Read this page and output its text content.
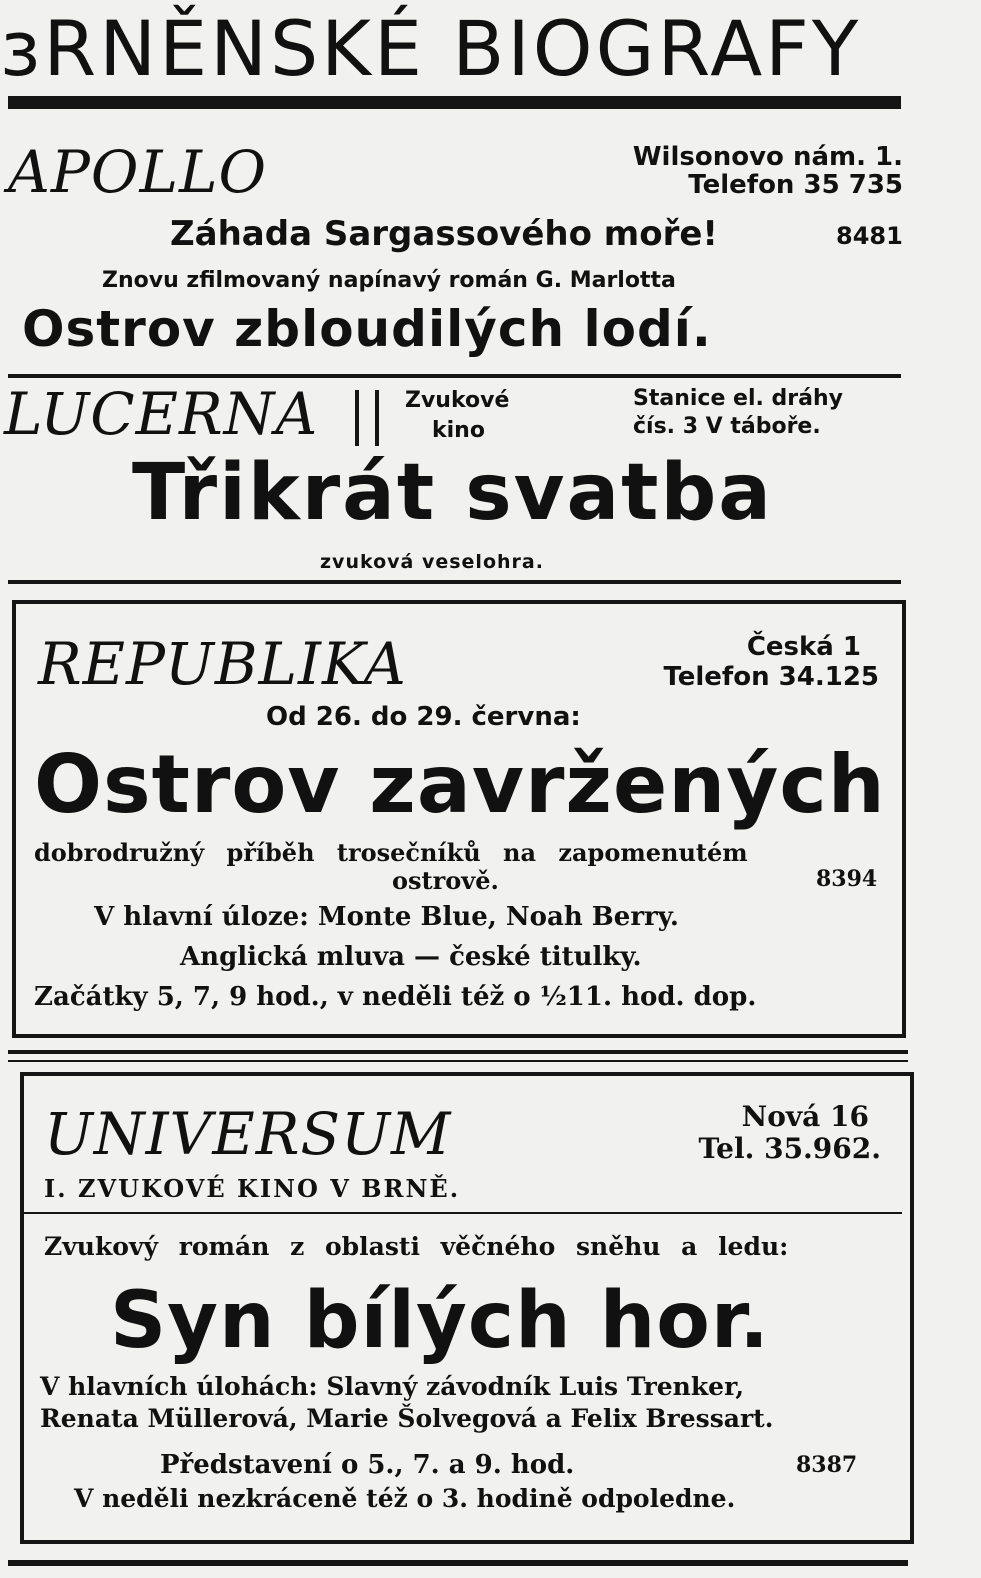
ɜRNĚNSKÉ BIOGRAFY
APOLLO	Wilsonovo nám. 1.
Telefon 35 735
Záhada Sargassového moře!	8481
Znovu zfilmovaný napínavý román G. Marlotta
Ostrov zbloudilých lodí.
LUCERNA	Zvukové
kino
Stanice el. dráhy
čís. 3 V táboře.
Třikrát svatba
zvuková veselohra.
REPUBLIKA	Česká 1
Telefon 34.125
Od 26. do 29. června:
Ostrov zavržených
dobrodružný příběh trosečníků na zapomenutém
ostrově.	8394
V hlavní úloze: Monte Blue, Noah Berry.
Anglická mluva — české titulky.
Začátky 5, 7, 9 hod., v neděli též o ½11. hod. dop.
UNIVERSUM	Nová 16
Tel. 35.962.
I. ZVUKOVÉ KINO V BRNĚ.
Zvukový román z oblasti věčného sněhu a ledu:
Syn bílých hor.
V hlavních úlohách: Slavný závodník Luis Trenker,
Renata Müllerová, Marie Šolvegová a Felix Bressart.
Představení o 5., 7. a 9. hod.	8387
V neděli nezkráceně též o 3. hodině odpoledne.
